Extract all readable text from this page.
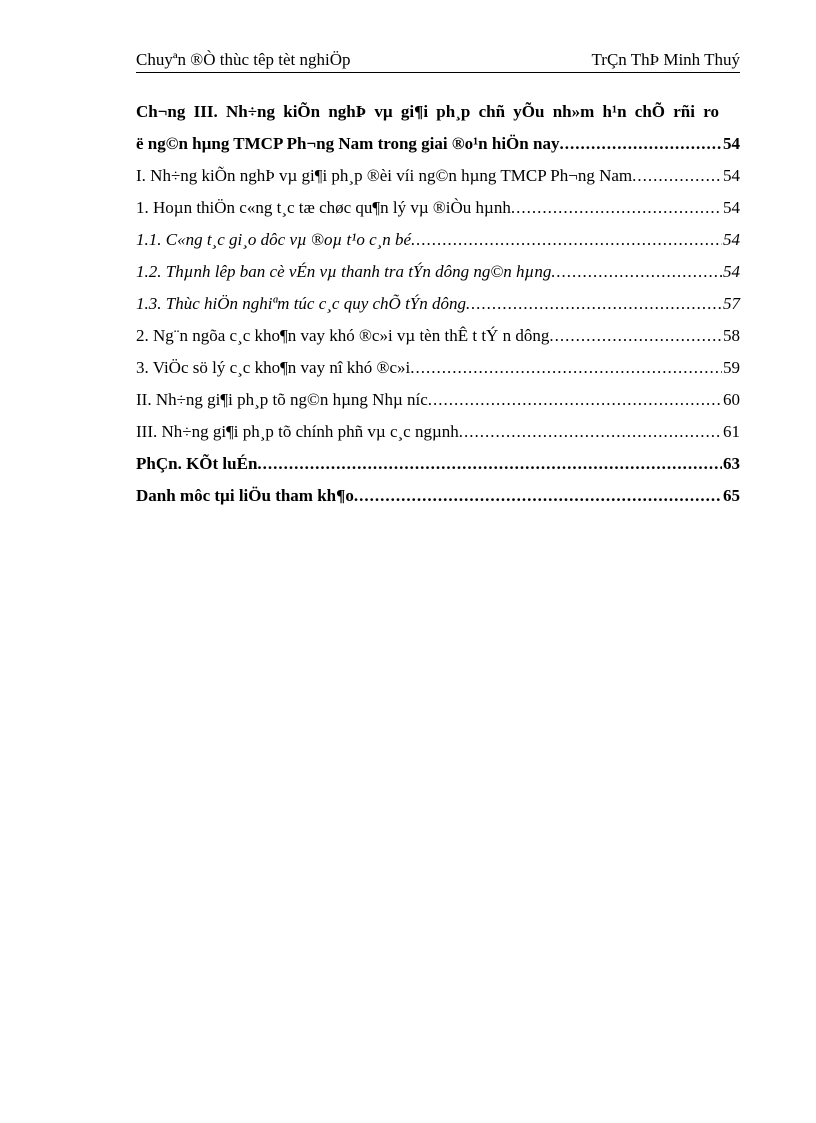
Chuyªn ®Ò thùc têp tèt nghiÖp	TrÇn ThÞ Minh Thuý
Ch¬ng III. Nh÷ng kiÕn nghÞ vµ gi¶i ph¸p chñ yÕu nh»m h¹n chÕ rñi ro
ë ng©n hµng TMCP Ph¬ng Nam trong giai ®o¹n hiÖn nay .....	54
I. Nh÷ng kiÕn nghÞ vµ gi¶i ph¸p ®èi víi ng©n hµng TMCP Ph¬ng Nam .....	54
1. Hoµn thiÖn c«ng t¸c tæ chøc qu¶n lý vµ ®iÒu hµnh .....	54
1.1. C«ng t¸c gi¸o dôc vµ ®oµ t¹o c¸n bé .....	54
1.2. Thµnh lêp ban cè vÉn vµ thanh tra tÝn dông ng©n hµng .....	54
1.3. Thùc hiÖn nghiªm túc c¸c quy chÕ tÝn dông .....	57
2. Ng¨n ngõa c¸c kho¶n vay khó ®c»i vµ tèn thÊ t tÝ n dông .....	58
3. ViÖc sö lý c¸c kho¶n vay nî khó ®c»i .....	59
II. Nh÷ng gi¶i ph¸p tõ ng©n hµng Nhµ níc .....	60
III. Nh÷ng gi¶i ph¸p tõ chính phñ vµ c¸c ngµnh .....	61
PhÇn. KÕt luÉn .....	63
Danh môc tµi liÖu tham kh¶o .....	65
